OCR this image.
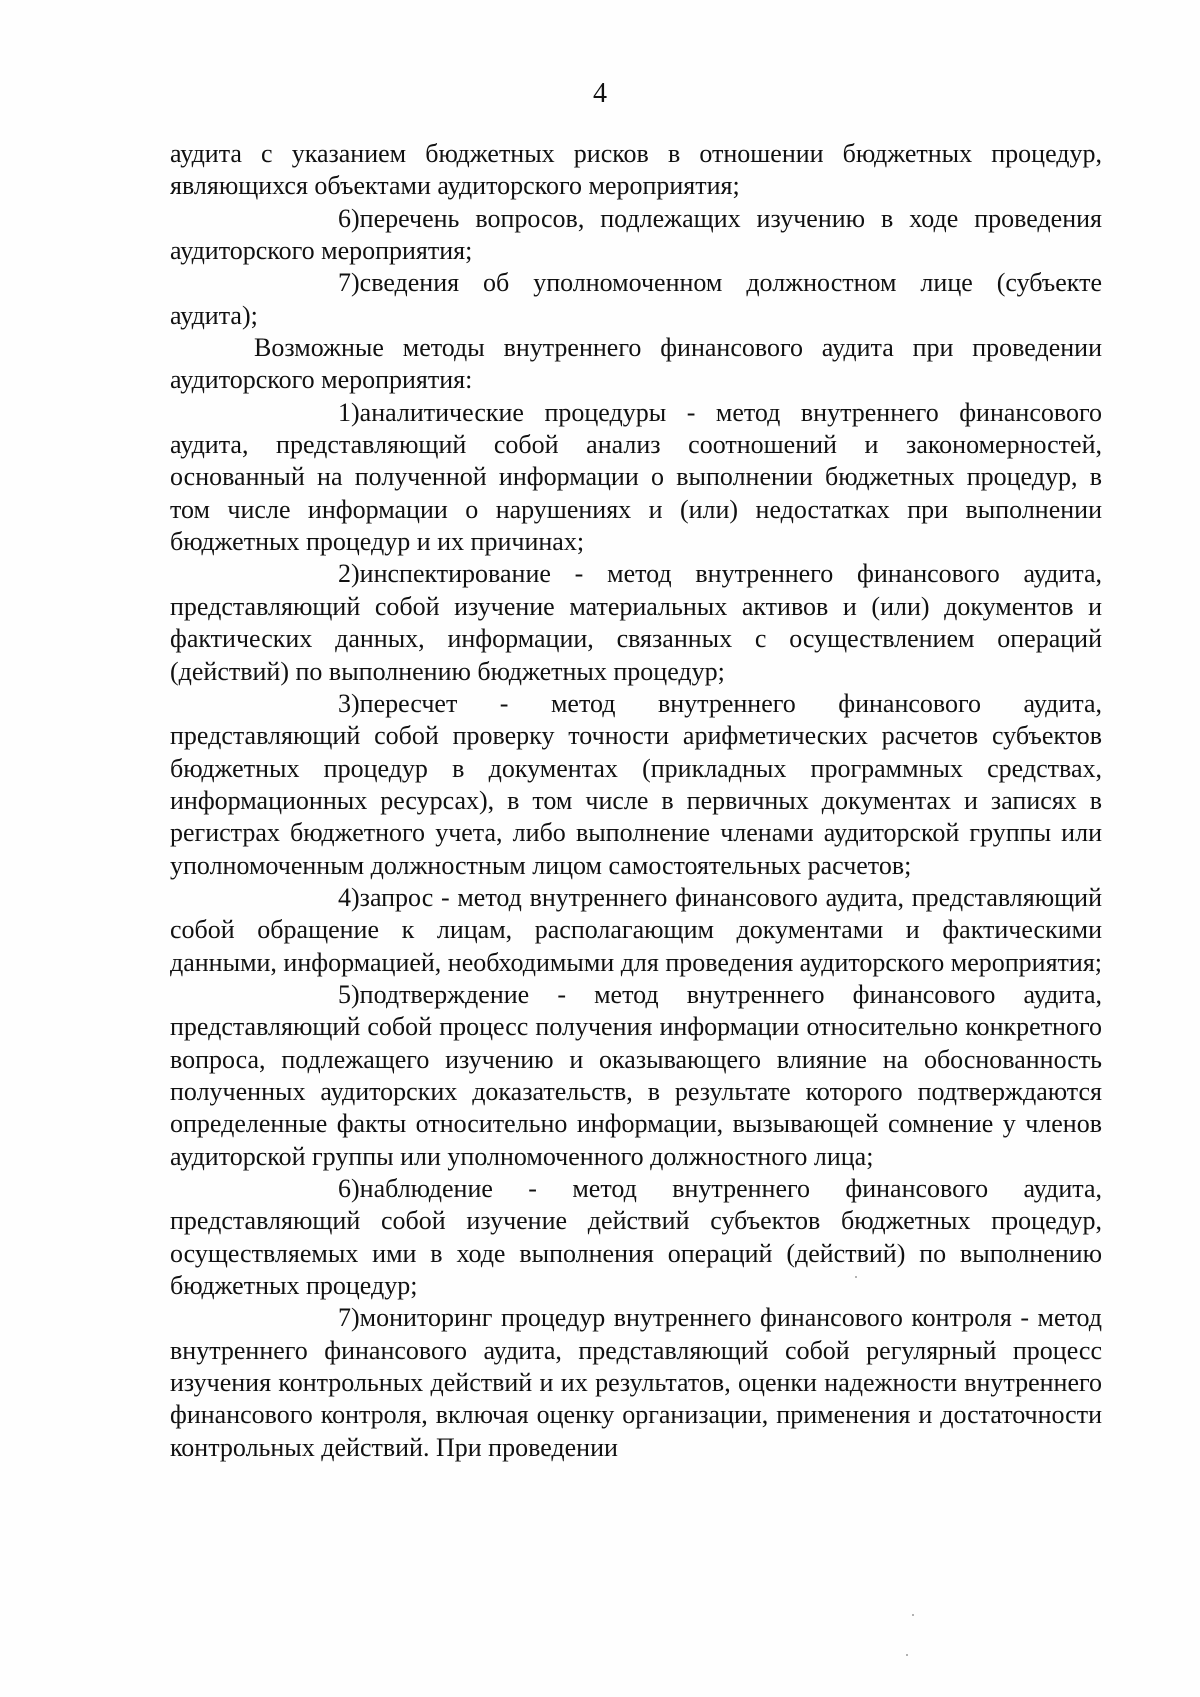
4

аудита с указанием бюджетных рисков в отношении бюджетных процедур, являющихся объектами аудиторского мероприятия;

6)перечень вопросов, подлежащих изучению в ходе проведения аудиторского мероприятия;

7)сведения об уполномоченном должностном лице (субъекте аудита);

Возможные методы внутреннего финансового аудита при проведении аудиторского мероприятия:

1)аналитические процедуры - метод внутреннего финансового аудита, представляющий собой анализ соотношений и закономерностей, основанный на полученной информации о выполнении бюджетных процедур, в том числе информации о нарушениях и (или) недостатках при выполнении бюджетных процедур и их причинах;

2)инспектирование - метод внутреннего финансового аудита, представляющий собой изучение материальных активов и (или) документов и фактических данных, информации, связанных с осуществлением операций (действий) по выполнению бюджетных процедур;

3)пересчет - метод внутреннего финансового аудита, представляющий собой проверку точности арифметических расчетов субъектов бюджетных процедур в документах (прикладных программных средствах, информационных ресурсах), в том числе в первичных документах и записях в регистрах бюджетного учета, либо выполнение членами аудиторской группы или уполномоченным должностным лицом самостоятельных расчетов;

4)запрос - метод внутреннего финансового аудита, представляющий собой обращение к лицам, располагающим документами и фактическими данными, информацией, необходимыми для проведения аудиторского мероприятия;

5)подтверждение - метод внутреннего финансового аудита, представляющий собой процесс получения информации относительно конкретного вопроса, подлежащего изучению и оказывающего влияние на обоснованность полученных аудиторских доказательств, в результате которого подтверждаются определенные факты относительно информации, вызывающей сомнение у членов аудиторской группы или уполномоченного должностного лица;

6)наблюдение - метод внутреннего финансового аудита, представляющий собой изучение действий субъектов бюджетных процедур, осуществляемых ими в ходе выполнения операций (действий) по выполнению бюджетных процедур;

7)мониторинг процедур внутреннего финансового контроля - метод внутреннего финансового аудита, представляющий собой регулярный процесс изучения контрольных действий и их результатов, оценки надежности внутреннего финансового контроля, включая оценку организации, применения и достаточности контрольных действий. При проведении
